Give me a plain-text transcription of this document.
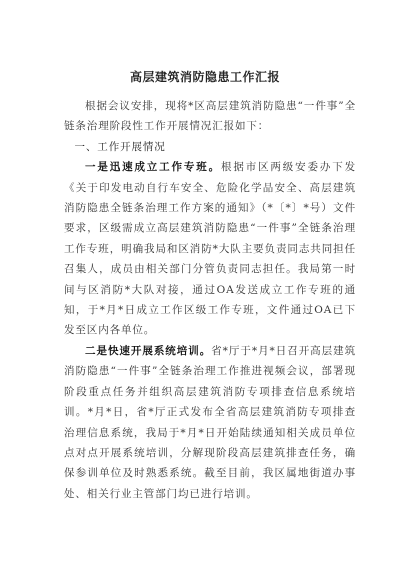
高层建筑消防隐患工作汇报

根据会议安排，现将*区高层建筑消防隐患“一件事”全链条治理阶段性工作开展情况汇报如下：

一、工作开展情况

一是迅速成立工作专班。根据市区两级安委办下发《关于印发电动自行车安全、危险化学品安全、高层建筑消防隐患全链条治理工作方案的通知》（*〔*〕*号）文件要求，区级需成立高层建筑消防隐患“一件事”全链条治理工作专班，明确我局和区消防*大队主要负责同志共同担任召集人，成员由相关部门分管负责同志担任。我局第一时间与区消防*大队对接，通过OA发送成立工作专班的通知，于*月*日成立工作区级工作专班，文件通过OA已下发至区内各单位。

二是快速开展系统培训。省*厅于*月*日召开高层建筑消防隐患“一件事”全链条治理工作推进视频会议，部署现阶段重点任务并组织高层建筑消防专项排查信息系统培训。*月*日，省*厅正式发布全省高层建筑消防专项排查治理信息系统，我局于*月*日开始陆续通知相关成员单位点对点开展系统培训，分解现阶段高层建筑排查任务，确保参训单位及时熟悉系统。截至目前，我区属地街道办事处、相关行业主管部门均已进行培训。
